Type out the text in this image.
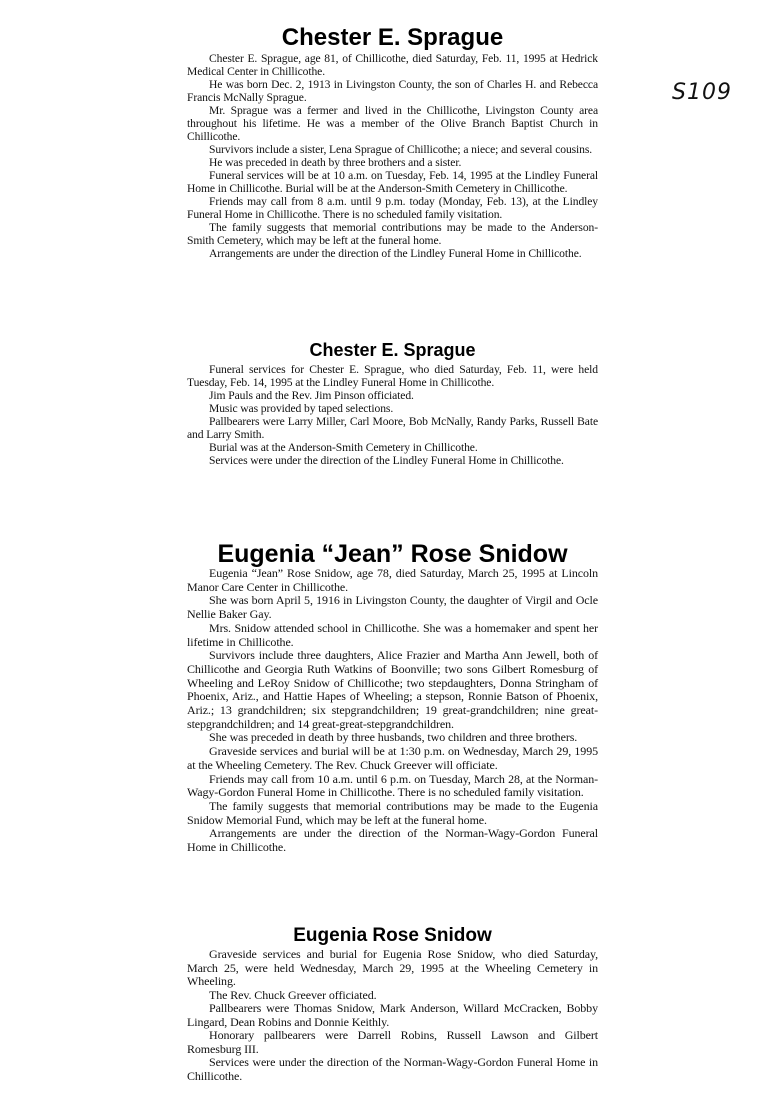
S109
Chester E. Sprague

Chester E. Sprague, age 81, of Chillicothe, died Saturday, Feb. 11, 1995 at Hedrick Medical Center in Chillicothe.

He was born Dec. 2, 1913 in Livingston County, the son of Charles H. and Rebecca Francis McNally Sprague.

Mr. Sprague was a fermer and lived in the Chillicothe, Livingston County area throughout his lifetime. He was a member of the Olive Branch Baptist Church in Chillicothe.

Survivors include a sister, Lena Sprague of Chillicothe; a niece; and several cousins.

He was preceded in death by three brothers and a sister.

Funeral services will be at 10 a.m. on Tuesday, Feb. 14, 1995 at the Lindley Funeral Home in Chillicothe. Burial will be at the Anderson-Smith Cemetery in Chillicothe.

Friends may call from 8 a.m. until 9 p.m. today (Monday, Feb. 13), at the Lindley Funeral Home in Chillicothe. There is no scheduled family visitation.

The family suggests that memorial contributions may be made to the Anderson-Smith Cemetery, which may be left at the funeral home.

Arrangements are under the direction of the Lindley Funeral Home in Chillicothe.

Chester E. Sprague

Funeral services for Chester E. Sprague, who died Saturday, Feb. 11, were held Tuesday, Feb. 14, 1995 at the Lindley Funeral Home in Chillicothe.

Jim Pauls and the Rev. Jim Pinson officiated.

Music was provided by taped selections.

Pallbearers were Larry Miller, Carl Moore, Bob McNally, Randy Parks, Russell Bate and Larry Smith.

Burial was at the Anderson-Smith Cemetery in Chillicothe.

Services were under the direction of the Lindley Funeral Home in Chillicothe.

Eugenia “Jean” Rose Snidow

Eugenia “Jean” Rose Snidow, age 78, died Saturday, March 25, 1995 at Lincoln Manor Care Center in Chillicothe.

She was born April 5, 1916 in Livingston County, the daughter of Virgil and Ocle Nellie Baker Gay.

Mrs. Snidow attended school in Chillicothe. She was a homemaker and spent her lifetime in Chillicothe.

Survivors include three daughters, Alice Frazier and Martha Ann Jewell, both of Chillicothe and Georgia Ruth Watkins of Boonville; two sons Gilbert Romesburg of Wheeling and LeRoy Snidow of Chillicothe; two stepdaughters, Donna Stringham of Phoenix, Ariz., and Hattie Hapes of Wheeling; a stepson, Ronnie Batson of Phoenix, Ariz.; 13 grandchildren; six stepgrandchildren; 19 great-grandchildren; nine great-stepgrandchildren; and 14 great-great-stepgrandchildren.

She was preceded in death by three husbands, two children and three brothers.

Graveside services and burial will be at 1:30 p.m. on Wednesday, March 29, 1995 at the Wheeling Cemetery. The Rev. Chuck Greever will officiate.

Friends may call from 10 a.m. until 6 p.m. on Tuesday, March 28, at the Norman-Wagy-Gordon Funeral Home in Chillicothe. There is no scheduled family visitation.

The family suggests that memorial contributions may be made to the Eugenia Snidow Memorial Fund, which may be left at the funeral home.

Arrangements are under the direction of the Norman-Wagy-Gordon Funeral Home in Chillicothe.

Eugenia Rose Snidow

Graveside services and burial for Eugenia Rose Snidow, who died Saturday, March 25, were held Wednesday, March 29, 1995 at the Wheeling Cemetery in Wheeling.

The Rev. Chuck Greever officiated.

Pallbearers were Thomas Snidow, Mark Anderson, Willard McCracken, Bobby Lingard, Dean Robins and Donnie Keithly.

Honorary pallbearers were Darrell Robins, Russell Lawson and Gilbert Romesburg III.

Services were under the direction of the Norman-Wagy-Gordon Funeral Home in Chillicothe.
